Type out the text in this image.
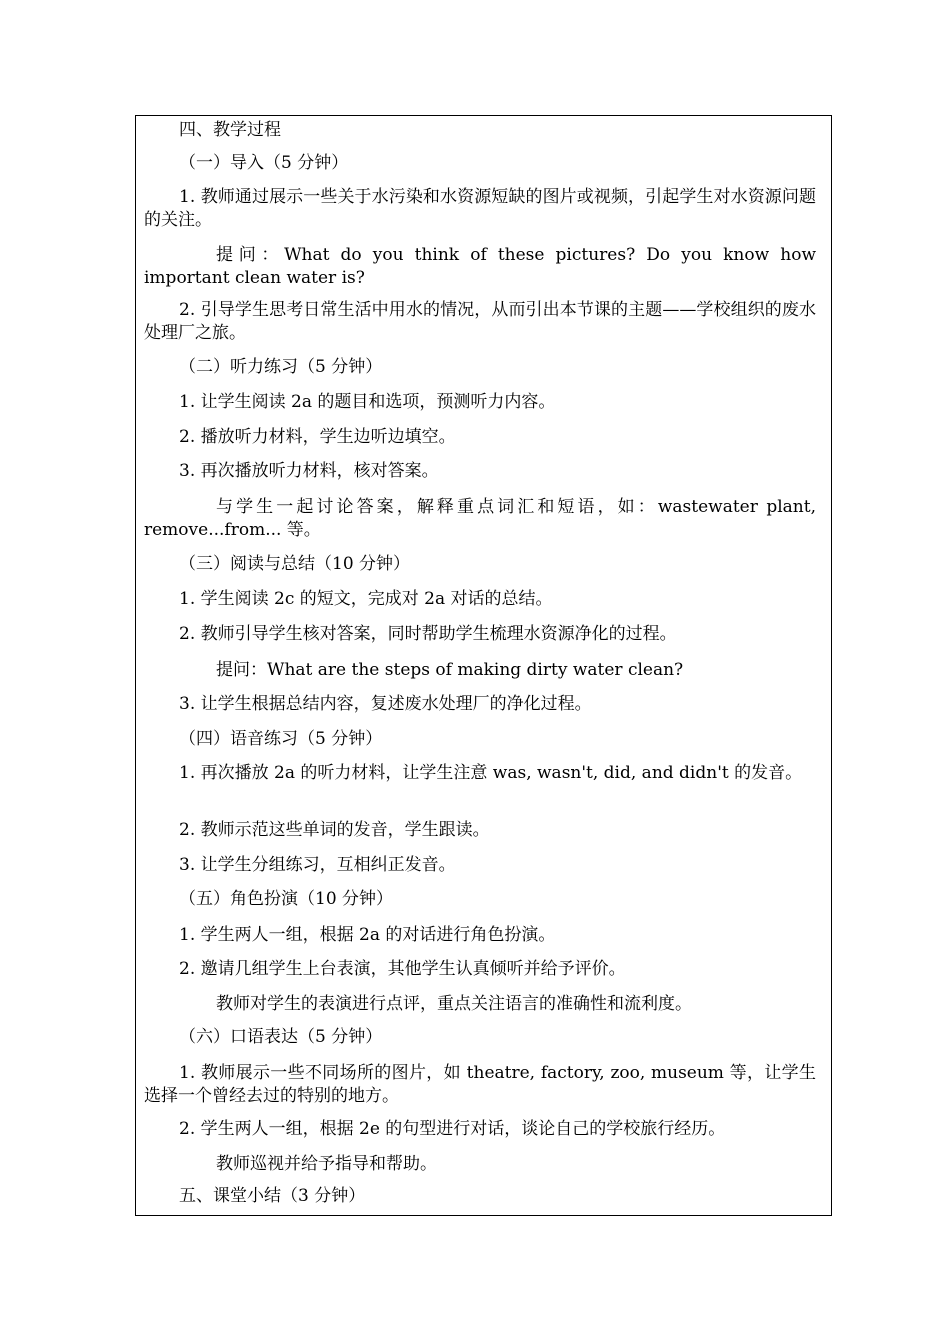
四、教学过程
（一）导入（5 分钟）
1. 教师通过展示一些关于水污染和水资源短缺的图片或视频，引起学生对水资源问题的关注。
提问：What do you think of these pictures? Do you know how important clean water is?
2. 引导学生思考日常生活中用水的情况，从而引出本节课的主题——学校组织的废水处理厂之旅。
（二）听力练习（5 分钟）
1. 让学生阅读 2a 的题目和选项，预测听力内容。
2. 播放听力材料，学生边听边填空。
3. 再次播放听力材料，核对答案。
与学生一起讨论答案，解释重点词汇和短语，如：wastewater plant, remove...from... 等。
（三）阅读与总结（10 分钟）
1. 学生阅读 2c 的短文，完成对 2a 对话的总结。
2. 教师引导学生核对答案，同时帮助学生梳理水资源净化的过程。
提问：What are the steps of making dirty water clean?
3. 让学生根据总结内容，复述废水处理厂的净化过程。
（四）语音练习（5 分钟）
1. 再次播放 2a 的听力材料，让学生注意 was, wasn't, did, and didn't 的发音。
2. 教师示范这些单词的发音，学生跟读。
3. 让学生分组练习，互相纠正发音。
（五）角色扮演（10 分钟）
1. 学生两人一组，根据 2a 的对话进行角色扮演。
2. 邀请几组学生上台表演，其他学生认真倾听并给予评价。
教师对学生的表演进行点评，重点关注语言的准确性和流利度。
（六）口语表达（5 分钟）
1. 教师展示一些不同场所的图片，如 theatre, factory, zoo, museum 等，让学生选择一个曾经去过的特别的地方。
2. 学生两人一组，根据 2e 的句型进行对话，谈论自己的学校旅行经历。
教师巡视并给予指导和帮助。
五、课堂小结（3 分钟）
